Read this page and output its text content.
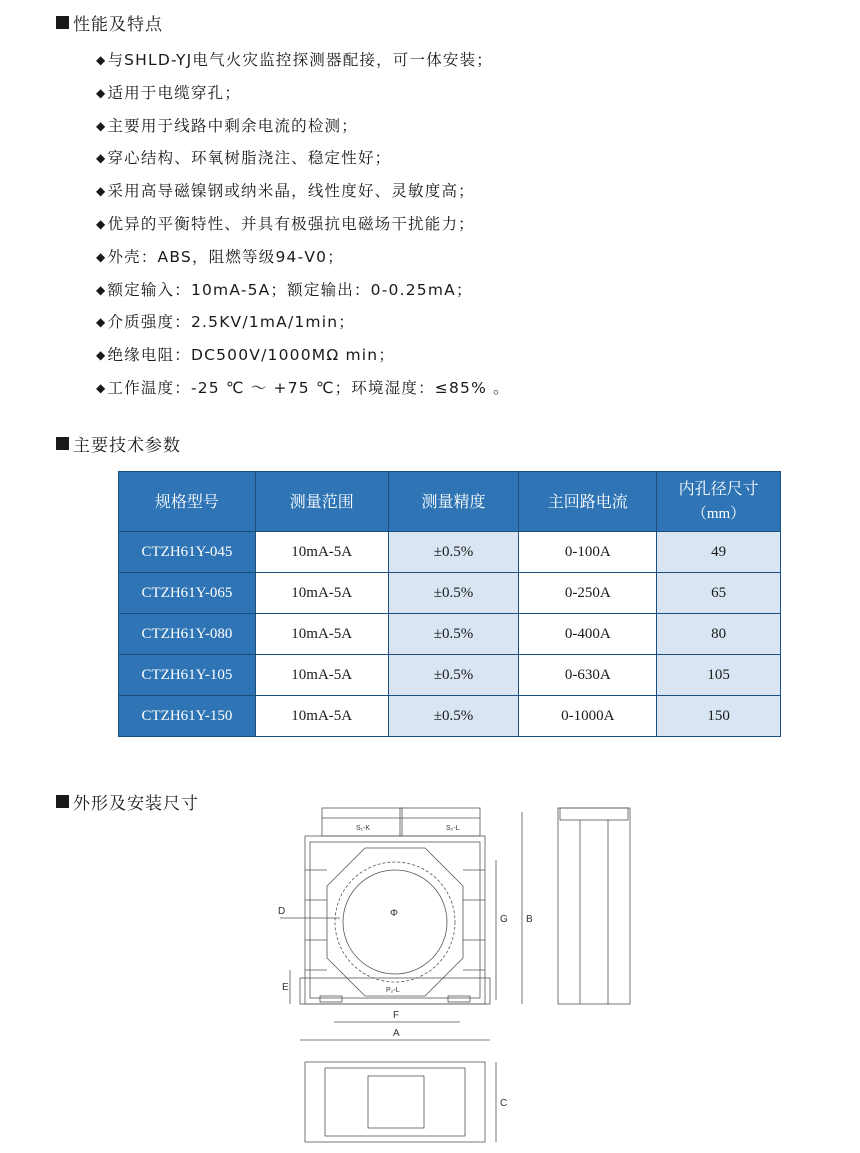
性能及特点
◆与SHLD-YJ电气火灾监控探测器配接，可一体安装；
◆适用于电缆穿孔；
◆主要用于线路中剩余电流的检测；
◆穿心结构、环氧树脂浇注、稳定性好；
◆采用高导磁镍钢或纳米晶，线性度好、灵敏度高；
◆优异的平衡特性、并具有极强抗电磁场干扰能力；
◆外壳：ABS，阻燃等级94-V0；
◆额定输入：10mA-5A；额定输出：0-0.25mA；
◆介质强度：2.5KV/1mA/1min；
◆绝缘电阻：DC500V/1000MΩ min；
◆工作温度：-25 ℃ ～ +75 ℃；环境湿度：≤85% 。
主要技术参数
规格型号	测量范围	测量精度	主回路电流	内孔径尺寸
（mm）
CTZH61Y-045	10mA-5A	±0.5%	0-100A	49
CTZH61Y-065	10mA-5A	±0.5%	0-250A	65
CTZH61Y-080	10mA-5A	±0.5%	0-400A	80
CTZH61Y-105	10mA-5A	±0.5%	0-630A	105
CTZH61Y-150	10mA-5A	±0.5%	0-1000A	150
外形及安装尺寸
S₁-K	S₂-L
P₂-L
Φ
D
E
F
A
G B
C
